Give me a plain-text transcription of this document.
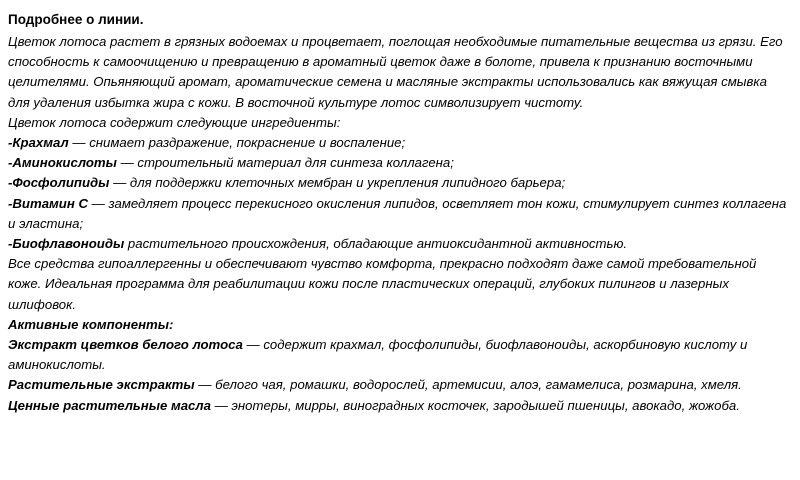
Подробнее о линии.

Цветок лотоса растет в грязных водоемах и процветает, поглощая необходимые питательные вещества из грязи. Его способность к самоочищению и превращению в ароматный цветок даже в болоте, привела к признанию восточными целителями. Опьяняющий аромат, ароматические семена и масляные экстракты использовались как вяжущая смывка для удаления избытка жира с кожи. В восточной культуре лотос символизирует чистоту.

Цветок лотоса содержит следующие ингредиенты:

-Крахмал — снимает раздражение, покраснение и воспаление;

-Аминокислоты — строительный материал для синтеза коллагена;

-Фосфолипиды — для поддержки клеточных мембран и укрепления липидного барьера;

-Витамин С — замедляет процесс перекисного окисления липидов, осветляет тон кожи, стимулирует синтез коллагена и эластина;

-Биофлавоноиды растительного происхождения, обладающие антиоксидантной активностью.

Все средства гипоаллергенны и обеспечивают чувство комфорта, прекрасно подходят даже самой требовательной коже. Идеальная программа для реабилитации кожи после пластических операций, глубоких пилингов и лазерных шлифовок.

Активные компоненты:

Экстракт цветков белого лотоса — содержит крахмал, фосфолипиды, биофлавоноиды, аскорбиновую кислоту и аминокислоты.

Растительные экстракты — белого чая, ромашки, водорослей, артемисии, алоэ, гамамелиса, розмарина, хмеля.

Ценные растительные масла — энотеры, мирры, виноградных косточек, зародышей пшеницы, авокадо, жожоба.
